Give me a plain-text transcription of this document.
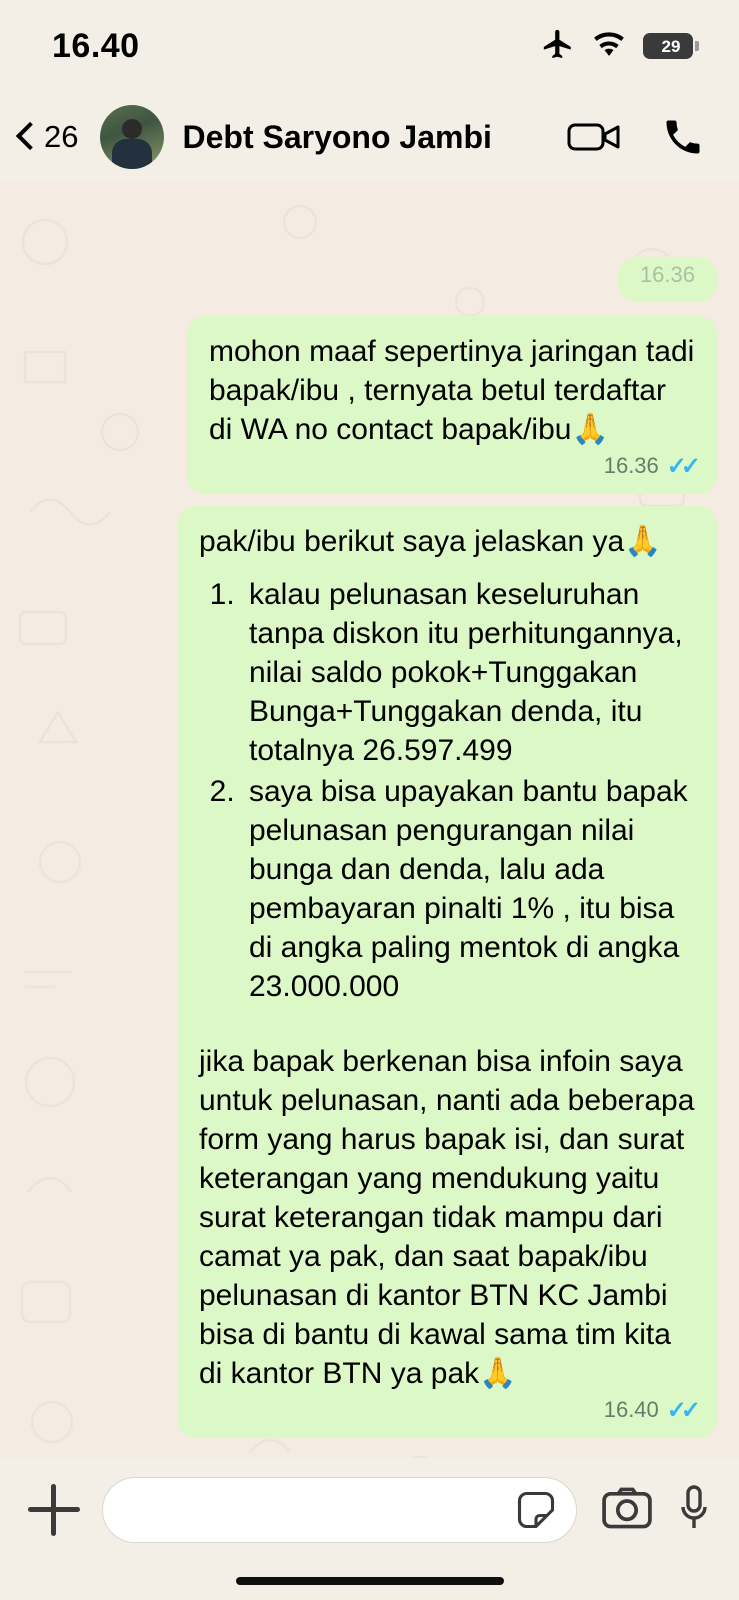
16.40	29
26	Debt Saryono Jambi
16.36

mohon maaf sepertinya jaringan tadi bapak/ibu , ternyata betul terdaftar di WA no contact bapak/ibu🙏

16.36 ✓✓

pak/ibu berikut saya jelaskan ya🙏

1. kalau pelunasan keseluruhan tanpa diskon itu perhitungannya, nilai saldo pokok+Tunggakan Bunga+Tunggakan denda, itu totalnya 26.597.499
2. saya bisa upayakan bantu bapak pelunasan pengurangan nilai bunga dan denda, lalu ada pembayaran pinalti 1% , itu bisa di angka paling mentok di angka 23.000.000

jika bapak berkenan bisa infoin saya untuk pelunasan, nanti ada beberapa form yang harus bapak isi, dan surat keterangan yang mendukung yaitu surat keterangan tidak mampu dari camat ya pak, dan saat bapak/ibu pelunasan di kantor BTN KC Jambi bisa di bantu di kawal sama tim kita di kantor BTN ya pak🙏

16.40 ✓✓
